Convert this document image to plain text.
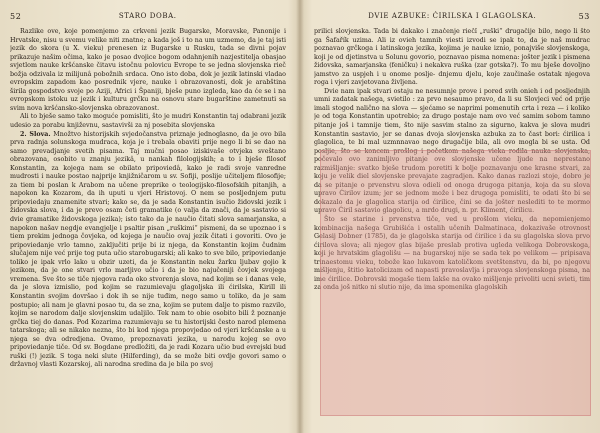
52	STARO DOBA.

Razlike ove, koje pomenjemo za crkveni jezik Bugarske, Moravske, Panonije i Hrvatske, nisu u svemu velike niti znatne; a kada još i to na um uzmemo, da je taj isti jezik do skora (u X. vieku) prenesen iz Bugarske u Rusku, tada se divni pojav prikazuje našim očima, kako je posao dvojice bogom odahnjenih nazjestitelja obasjao svjetlom nauke kršćanske čitavu istočnu polovicu Evrope te se jedna slovjenska rieč božja odzivala iz milijunâ pobožnih srdaca. Ono isto doba, dok je jezik latinski vladao evropskim zapadom kao posrednik vjere, nauke i obrazovanosti, dok je arabština širila gospodstvo svoje po Aziji, Africi i Španiji, bješe puno izgleda, kao da će se i na evropskom istoku uz jezik i kulturu grčku na osnovu stare bugarštine zametnuti sa svim nova kršćansko-slovjenska obrazovanost.

Ali to bješe samo tako moguće pomisliti, što je mudri Konstantin taj odabrani jezik udesio za porabu književnu, sastavivši za nj posebita slovjenska

2. Slova. Množtvo historijskih svjedočanstva priznaje jednoglasno, da je ovo bila prva radnja solunskoga mudraca, koja je i trebala obaviti prije nego li bi se dao na samo prevadjanje svetih pisama. Taj mučni posao iziskivaše otvjeka sveštano obrazovana, osobito u znanju jezikâ, u nankah filologijskih; a to i bješe filosof Konstantin, za kojega nam se obilato pripoviedâ, kako je radi svoje vanredne mudrosti i nauke postao najprije knjižničarom u sv. Sofiji, poslije učiteljem filosofije; za tiem bi poslan k Arabom na učene preprike o teologijsko-filosofskih pitanjih, a napokon ka Kozarom, da ih uputi u vjeri Hristovoj. O nem se posljednjem putu pripoviedaju znamenite stvari; kako se, da je sada Konstantin isučio židovski jezik i židovska slova, i da je prevo osam četi gramatike (o valja da znači, da je sastavio si dvie gramatike židovskoga jezika); isto tako da je naučio čitati slova samarjanska, a napokon našav negdje evangjelje i psaltir pisan „ruškimi“ pismeni, da se upoznao i s tiem prekim jednoga čovjeka, od kojega je naučio ovaj jezik čitati i govoriti. Ovo je pripoviedanje vrlo tamno, zaključiti prije bi iz njega, da Konstantin kojim čudnim slučajem nije već prije tog puta učio starobugarski; ali kako to sve bilo, pripoviedanje toliko je ipak vrlo lako u obzir uzeti, da je Konstantin neku žarku ljubav gojio k jezikom, da je one stvari vrlo marljivo učio i da je bio najučeniji čovjek svojega vremena. Sve što se tiče njegova rada oko stvorenja slova, nad kojim se i danas vele, da je slova izmislio, pod kojim se razumievaju glagoljska ili ćirilska, Kirill ili Konstantin svojim dovršao i dok ih se nije tuđim, nego samo u toliko, da je sam postupio; ali nam je glavni posao tu, da se zna, kojim se putem dalje to pismo razvilo, kojim se narodom dalje slovjenskim udaljilo. Tek nam to obie osobito bili ž poznanje grčka tiej do danas. Pod Kozarima razumievaju se tu historijski često narod plemena tatarskoga; ali se nikako nezna, što bi kod njega propovjedao od vjeri kršćanske a u njega se dva odredjena. Ovamo, prepoznavati jezika, u narodu kojeg se ovo pripoviedanje tiče. Od sv. Bogdane predložiti, da je radi Kozara učio bud evrejski bud ruški (!) jezik. S toga neki slute (Hilferding), da se može biti ovdje govori samo o državnoj vlasti Kozarskoj, ali narodna sredina da je bila po svoj

DVIE AZBUKE: ĆIRILSKA I GLAGOLSKA.	53

prilici slovjenska. Tada bi dakako i značenje riečî „ruški“ drugačije bilo, nego li što ga Šafařík uzima. Ali iz ovieh tamnih viesti izvodi se ipak to, da je naš mudrac poznavao grčkoga i latinskoga jezika, kojima je nauke iznio, ponajviše slovjenskoga, koji je od djetinstva u Solunu govorio, poznavao pisma nomena: jošter jezik i pismena židovska, samarjanska (feničku) i nekakva ruška (zar gotska?). To mu bješe dovoljno jamstvo za uspjeh i u onome poslje- dnjemu djelu, koje zaučinaše ostatak njegova roga i vjeri zavjetovana življena.

Dvie nam ipak stvari ostaju ne nesumnje prove i pored svih onieh i od posljednjih umni zadatak našega, svietilo : za prvo nesaumo pravo, da li su Slovjeci već od prije imali stogod nalično na slova — sjećamo se naprimi pomenutih crta i reza — i koliko je od toga Konstantin upotrebio; za drugo postaje nam ovo već samim sobom tamno pitanje još i tamnije tiem, što nije sasvim stalno za sigurno, kakva je slova mudri Konstantin sastavio, jer se danas dvoja slovjenska azbuka za to čast bori: ćirilica i glagolica, te bi mal uzmnnavao nego drugačije bila, ali ovo mogla bi se usta. Od posljie, što se koncem prošlog i početkom našega vieka rodila nauka slovjenska, počevalo ovo zanimljivo pitanje ove slovjenske učene ljude na neprestano razmišljanje: svatko bješe trudom poretiti k bolje poznavanju one krasne stvari, za koju je velik diel slovjenske prevajate zagradjen. Kako danas razlozi stoje, dobro je da se pitanje o prvenstvu slova odieli od onoga drugoga pitanja, koja da su slova upravo Ćirilov izum; jer se jednom može i bez drugoga pomisliti, te odati što bi se dokazalo da je glagolica starija od ćirilice, čini se da jošter neslediti to te mormo upravo Ćiril sastavio glagolicu, a mrdo drugi, n. pr. Kliment, ćirilicu.

Što se starine i prvenstva tiče, ved u prošlom vieku, da nepomienjemo kombinacija našega Grubišića i ostalih učenih Dalmatinaca, dokazivaše otrovnost Gelasij Dobner (1785), da je glagolska starija od ćirilice i da su glagolska slova prvo ćirilova slova; ali njegov glas bijaše preslab protiva ugleda velikoga Dobrovskoga, koji je hrvatskim glagolišu — na bugarskoj nije se sada tek po velikom — pripisava trinaestomu vieku, tobože kao lukavom katoličkom svetštenstvu, da bi, po njegovu mišljenju, štitio katolicizam od napasti pravoslavlja i pravoga slovjenskoga pisma, na ime ćirilice. Dobrovski mogaše tiem lakše na ovako mišljenje privoliti ucni svieti, tim za onda još nitko ni slutio nije, da ima spomenika glagolskih
